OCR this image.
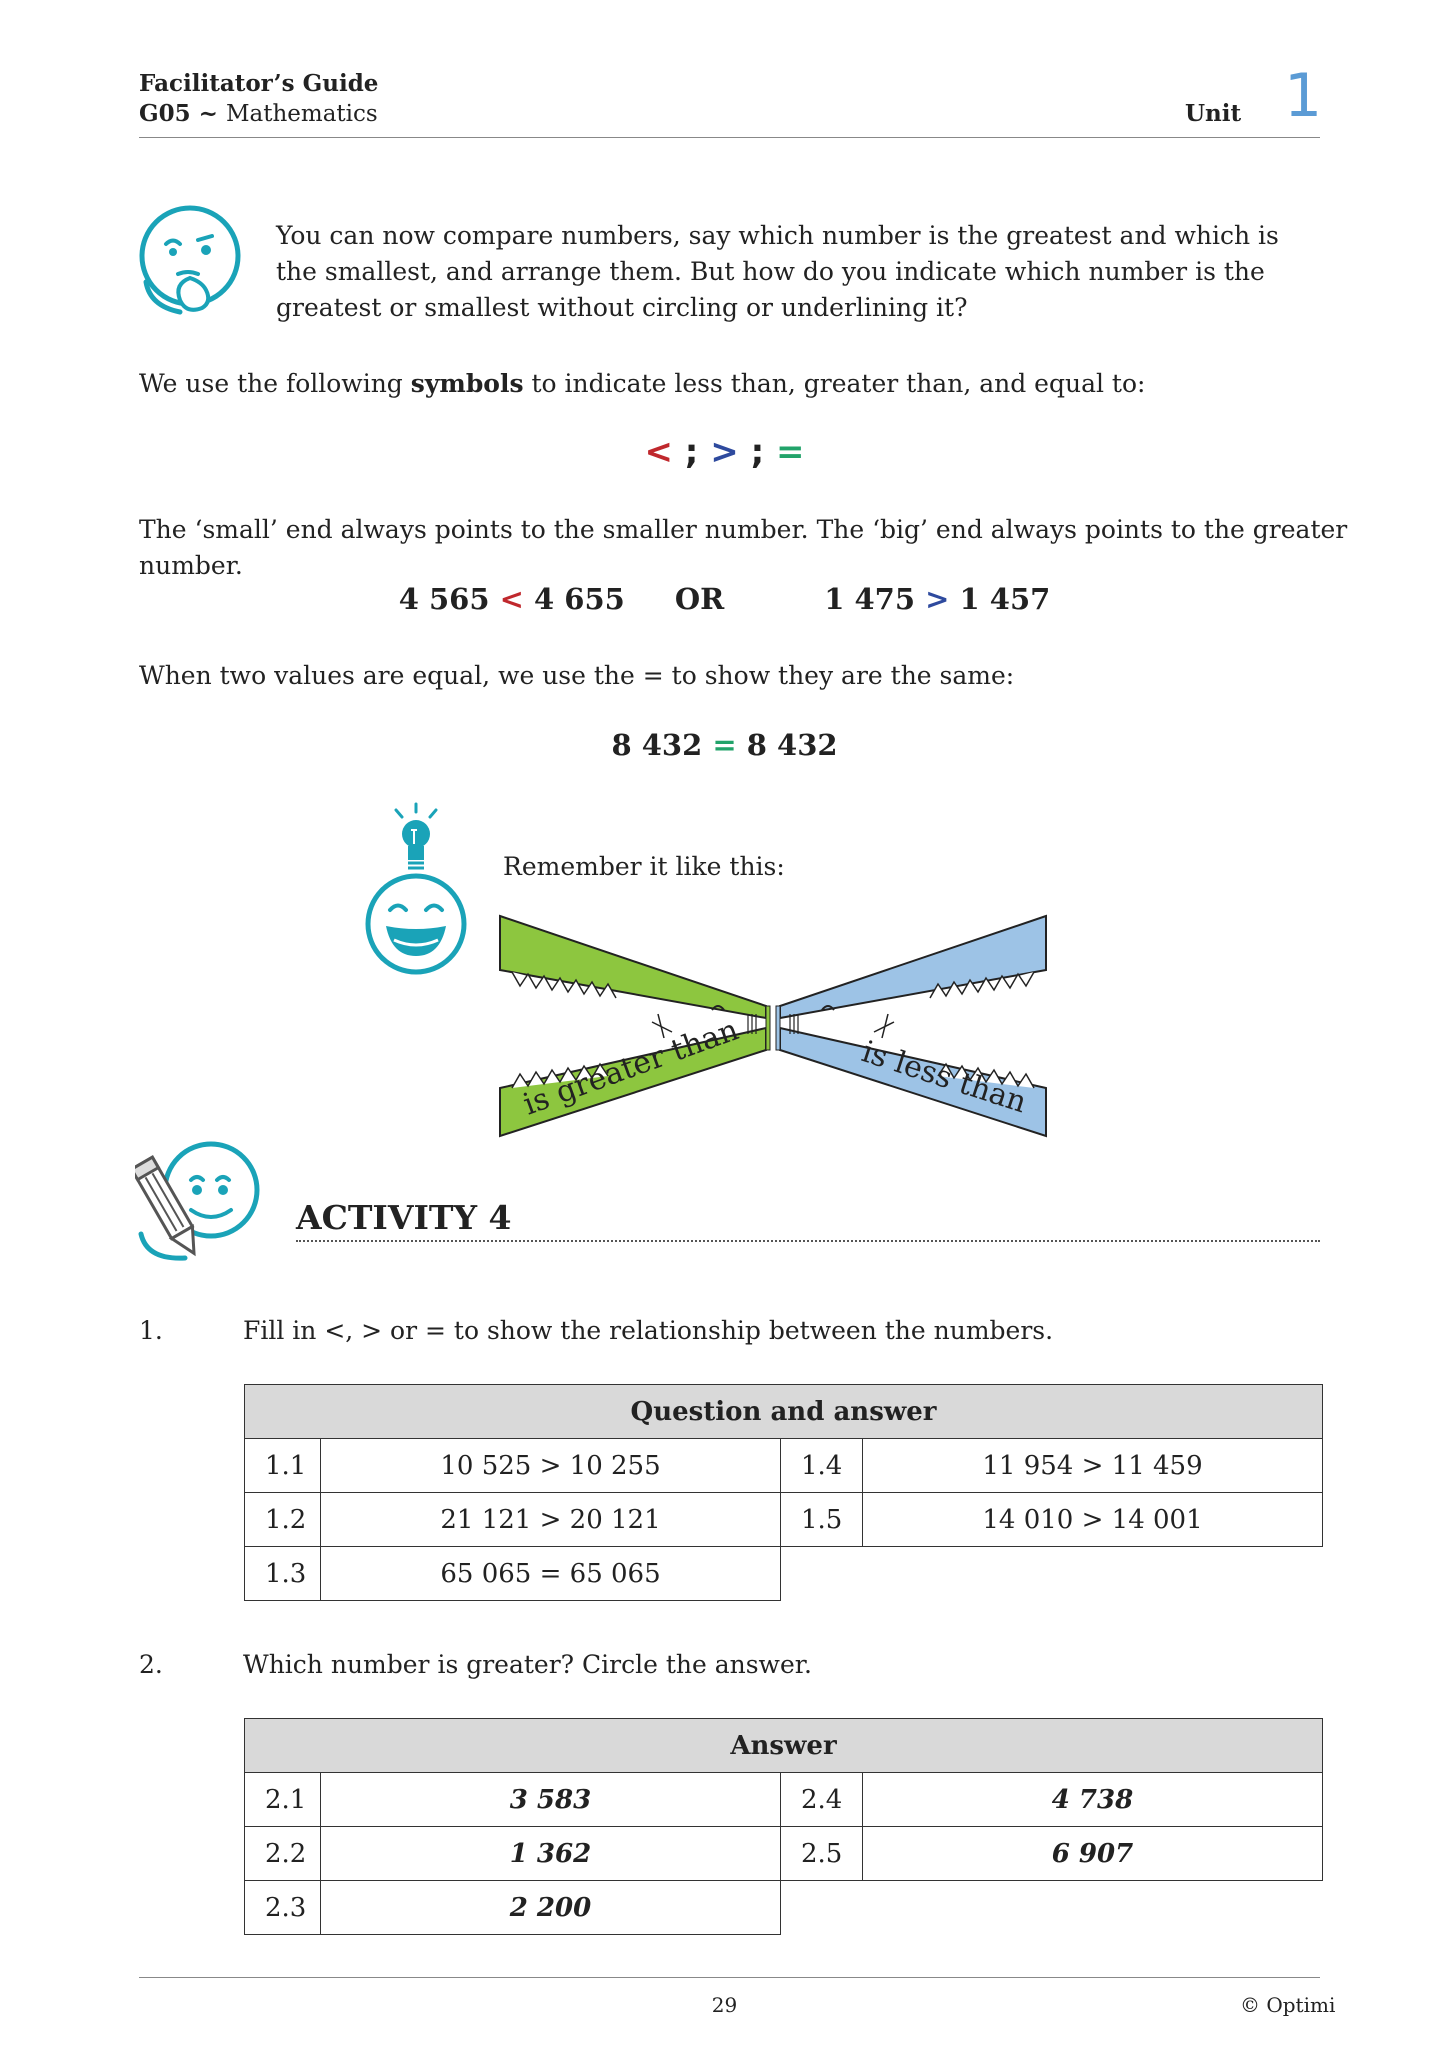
Facilitator’s Guide
G05 ~ Mathematics	Unit 1
You can now compare numbers, say which number is the greatest and which is the smallest, and arrange them. But how do you indicate which number is the greatest or smallest without circling or underlining it?
We use the following symbols to indicate less than, greater than, and equal to:
< ; > ; =
The ‘small’ end always points to the smaller number. The ‘big’ end always points to the greater number.
4 565 < 4 655 OR	1 475 > 1 457
When two values are equal, we use the = to show they are the same:
8 432 = 8 432
Remember it like this:
is greater than	is less than
ACTIVITY 4
1.	Fill in <, > or = to show the relationship between the numbers.
Question and answer			
1.1	10 525 > 10 255	1.4	11 954 > 11 459
1.2	21 121 > 20 121	1.5	14 010 > 14 001
1.3	65 065 = 65 065		
2.	Which number is greater? Circle the answer.
Answer			
2.1	3 583	2.4	4 738
2.2	1 362	2.5	6 907
2.3	2 200		
29	© Optimi
